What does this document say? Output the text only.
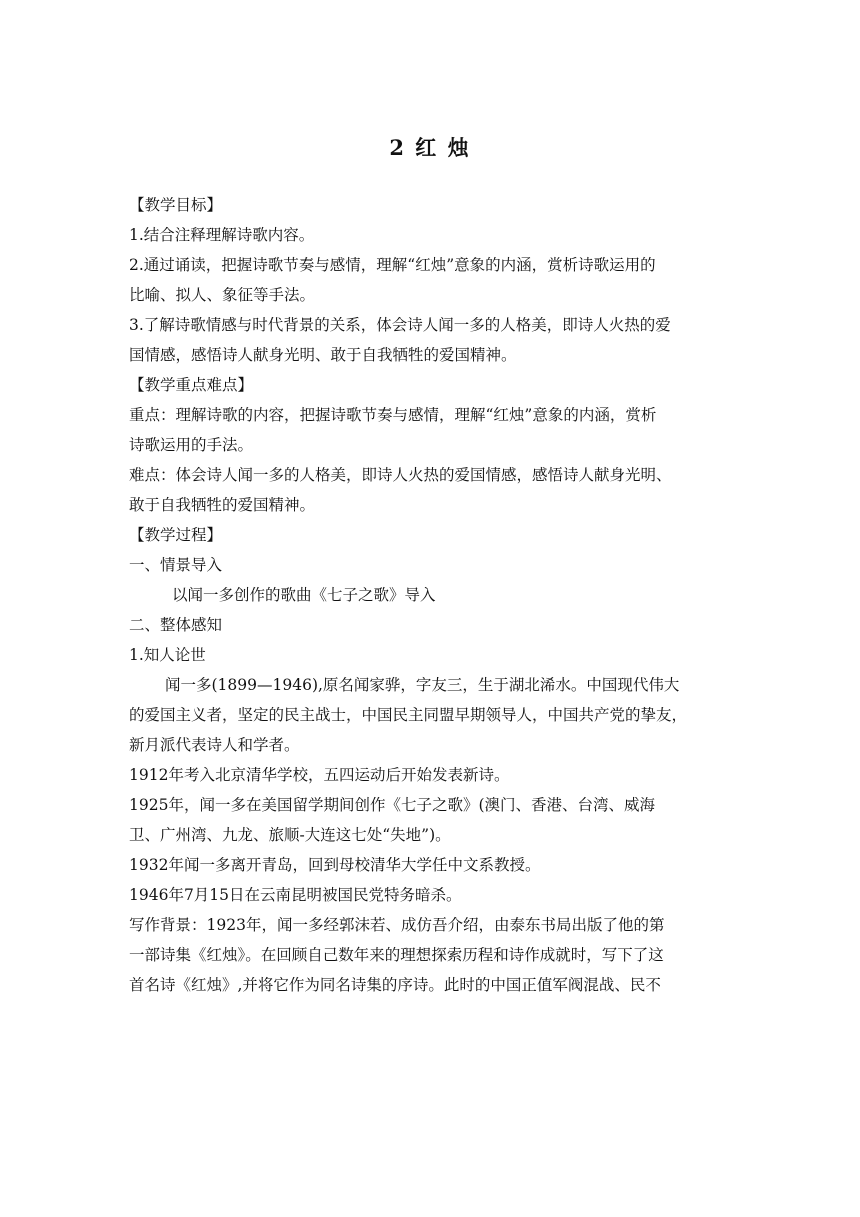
2 红 烛

【教学目标】

1.结合注释理解诗歌内容。

2.通过诵读，把握诗歌节奏与感情，理解“红烛”意象的内涵，赏析诗歌运用的

比喻、拟人、象征等手法。

3.了解诗歌情感与时代背景的关系，体会诗人闻一多的人格美，即诗人火热的爱

国情感，感悟诗人献身光明、敢于自我牺牲的爱国精神。

【教学重点难点】

重点：理解诗歌的内容，把握诗歌节奏与感情，理解“红烛”意象的内涵，赏析

诗歌运用的手法。

难点：体会诗人闻一多的人格美，即诗人火热的爱国情感，感悟诗人献身光明、

敢于自我牺牲的爱国精神。

【教学过程】

一、情景导入

以闻一多创作的歌曲《七子之歌》导入

二、整体感知

1.知人论世

闻一多(1899—1946),原名闻家骅，字友三，生于湖北浠水。中国现代伟大

的爱国主义者，坚定的民主战士，中国民主同盟早期领导人，中国共产党的挚友，

新月派代表诗人和学者。

1912年考入北京清华学校，五四运动后开始发表新诗。

1925年，闻一多在美国留学期间创作《七子之歌》(澳门、香港、台湾、威海

卫、广州湾、九龙、旅顺-大连这七处“失地”)。

1932年闻一多离开青岛，回到母校清华大学任中文系教授。

1946年7月15日在云南昆明被国民党特务暗杀。

写作背景：1923年，闻一多经郭沫若、成仿吾介绍，由泰东书局出版了他的第

一部诗集《红烛》。在回顾自己数年来的理想探索历程和诗作成就时，写下了这

首名诗《红烛》,并将它作为同名诗集的序诗。此时的中国正值军阀混战、民不
